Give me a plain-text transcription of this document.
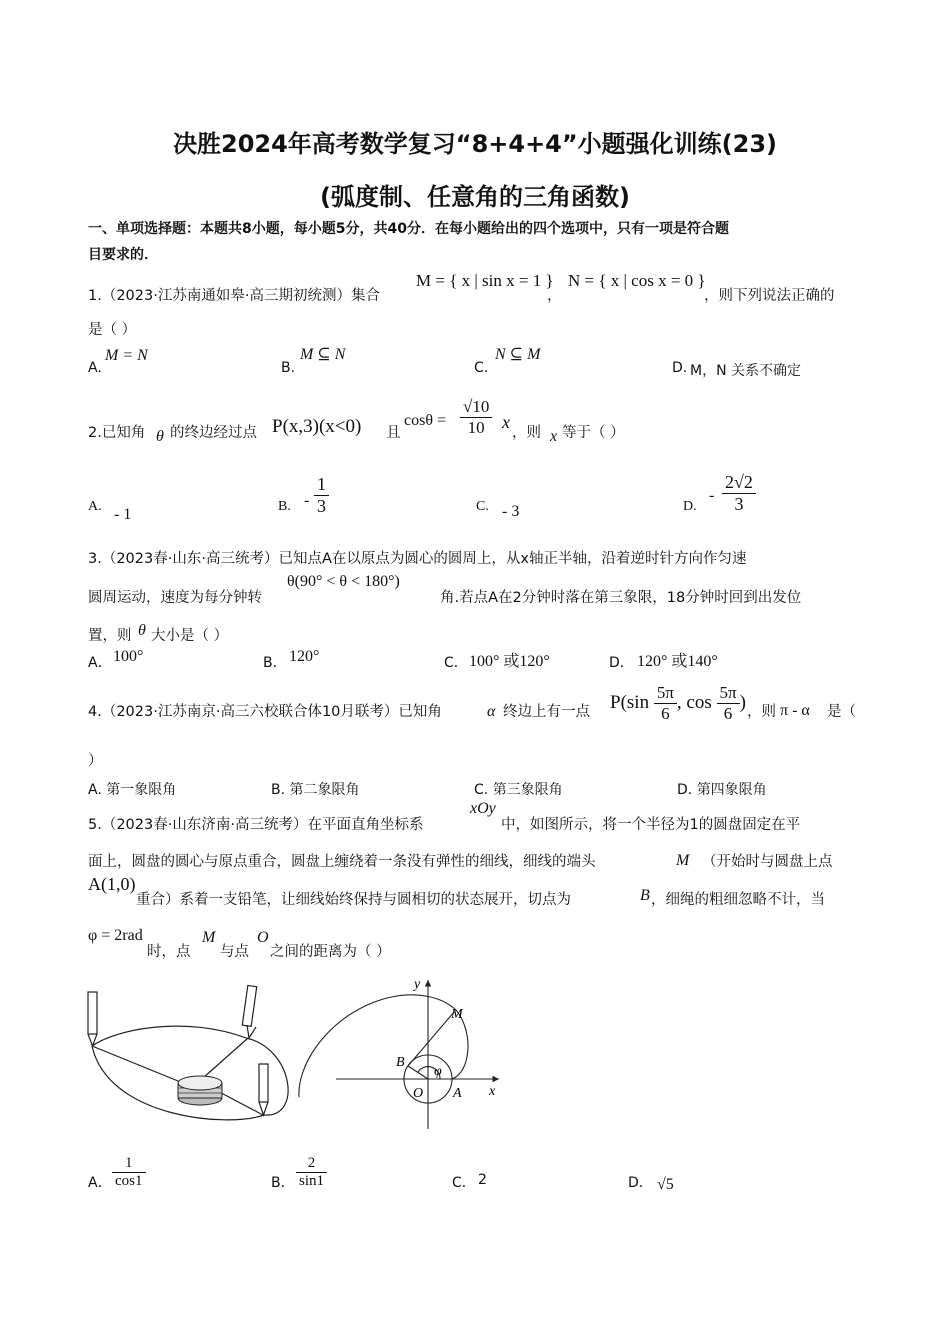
决胜2024年高考数学复习“8+4+4”小题强化训练(23)
(弧度制、任意角的三角函数)
一、单项选择题：本题共8小题，每小题5分，共40分．在每小题给出的四个选项中，只有一项是符合题
目要求的．
1.（2023·江苏南通如皋·高三期初统测）集合
M = { x | sin x = 1 }
，
N = { x | cos x = 0 }
，则下列说法正确的
是（ ）
A.
M = N
B.
M ⊆ N
C.
N ⊆ M
D. M，N 关系不确定
2.已知角 θ 的终边经过点 P(x,3)(x<0) 且
$\cos\theta = \frac{√10}{10}$ x
，则 x 等于（ ）
A. - 1	B. - $\frac{1}{3}$	C. - 3	D.
- $\frac{2√2}{3}$
3.（2023春·山东·高三统考）已知点A在以原点为圆心的圆周上，从x轴正半轴，沿着逆时针方向作匀速
圆周运动，速度为每分钟转
θ(90° < θ < 180°)
角.若点A在2分钟时落在第三象限，18分钟时回到出发位
置，则 θ 大小是（ ）
A． 100°	B． 120°	C． 100° 或120°	D． 120° 或140°
4.（2023·江苏南京·高三六校联合体10月联考）已知角	α 终边上有一点 $P(\sin \frac{5\pi}{6}$ , $\cos \frac{5\pi}{6}$ ) ，则 π - α 是（
）
A. 第一象限角	B. 第二象限角	C. 第三象限角	D. 第四象限角
5.（2023春·山东济南·高三统考）在平面直角坐标系
xOy
中，如图所示，将一个半径为1的圆盘固定在平
面上，圆盘的圆心与原点重合，圆盘上缠绕着一条没有弹性的细线，细线的端头	M （开始时与圆盘上点
A(1,0)
重合）系着一支铅笔，让细线始终保持与圆相切的状态展开，切点为	B ，细绳的粗细忽略不计，当
φ = 2rad
时，点
M
与点
O
之间的距离为（ ）
y
x
M
B
O A
φ
A． $\frac{1}{\cos 1}$	B． $\frac{2}{\sin 1}$	C． 2	D． √5
